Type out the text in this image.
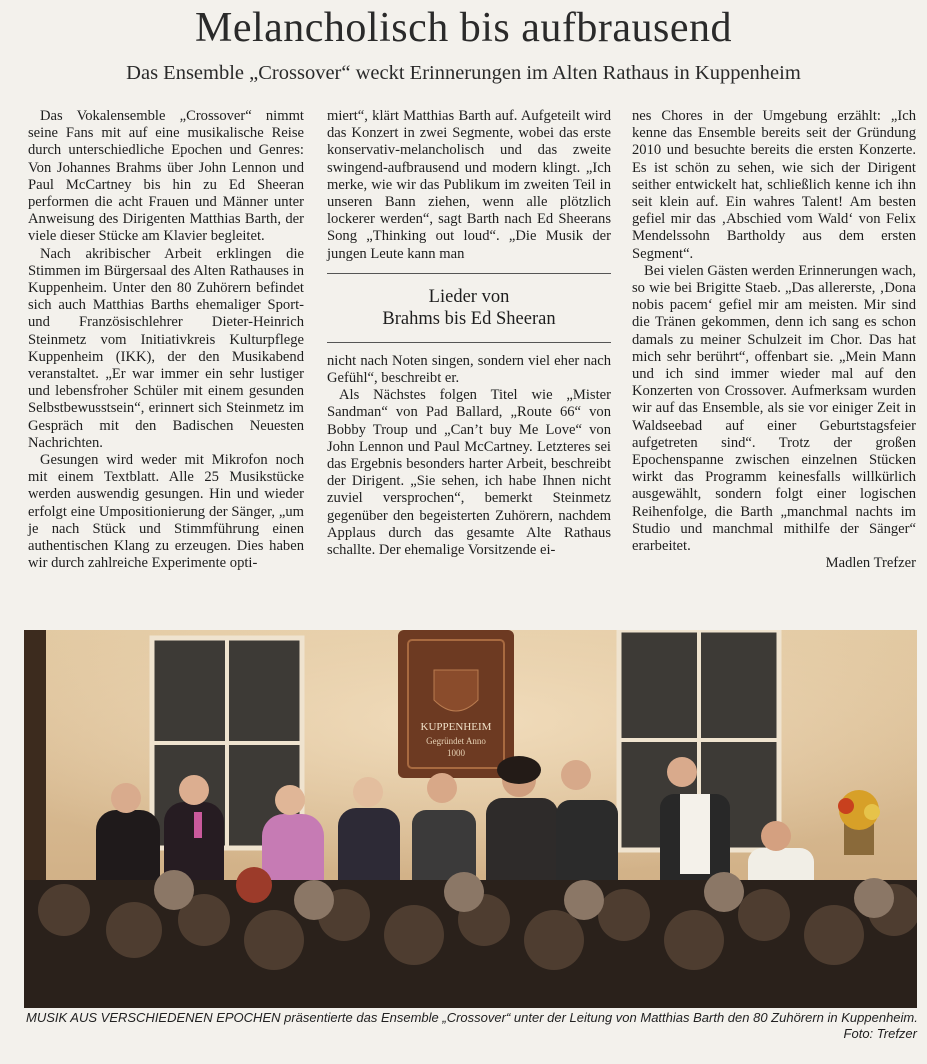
Melancholisch bis aufbrausend
Das Ensemble „Crossover“ weckt Erinnerungen im Alten Rathaus in Kuppenheim

Das Vokalensemble „Crossover“ nimmt seine Fans mit auf eine musikalische Reise durch unterschiedliche Epochen und Genres: Von Johannes Brahms über John Lennon und Paul McCartney bis hin zu Ed Sheeran performen die acht Frauen und Männer unter Anweisung des Dirigenten Matthias Barth, der viele dieser Stücke am Klavier begleitet.

Nach akribischer Arbeit erklingen die Stimmen im Bürgersaal des Alten Rathauses in Kuppenheim. Unter den 80 Zuhörern befindet sich auch Matthias Barths ehemaliger Sport- und Französischlehrer Dieter-Heinrich Steinmetz vom Initiativkreis Kulturpflege Kuppenheim (IKK), der den Musikabend veranstaltet. „Er war immer ein sehr lustiger und lebensfroher Schüler mit einem gesunden Selbstbewusstsein“, erinnert sich Steinmetz im Gespräch mit den Badischen Neuesten Nachrichten.

Gesungen wird weder mit Mikrofon noch mit einem Textblatt. Alle 25 Musikstücke werden auswendig gesungen. Hin und wieder erfolgt eine Umpositionierung der Sänger, „um je nach Stück und Stimmführung einen authentischen Klang zu erzeugen. Dies haben wir durch zahlreiche Experimente opti-

miert“, klärt Matthias Barth auf. Aufgeteilt wird das Konzert in zwei Segmente, wobei das erste konservativ-melancholisch und das zweite swingend-aufbrausend und modern klingt. „Ich merke, wie wir das Publikum im zweiten Teil in unseren Bann ziehen, wenn alle plötzlich lockerer werden“, sagt Barth nach Ed Sheerans Song „Thinking out loud“. „Die Musik der jungen Leute kann man

Lieder von
Brahms bis Ed Sheeran

nicht nach Noten singen, sondern viel eher nach Gefühl“, beschreibt er.

Als Nächstes folgen Titel wie „Mister Sandman“ von Pad Ballard, „Route 66“ von Bobby Troup und „Can’t buy Me Love“ von John Lennon und Paul McCartney. Letzteres sei das Ergebnis besonders harter Arbeit, beschreibt der Dirigent. „Sie sehen, ich habe Ihnen nicht zuviel versprochen“, bemerkt Steinmetz gegenüber den begeisterten Zuhörern, nachdem Applaus durch das gesamte Alte Rathaus schallte. Der ehemalige Vorsitzende ei-

nes Chores in der Umgebung erzählt: „Ich kenne das Ensemble bereits seit der Gründung 2010 und besuchte bereits die ersten Konzerte. Es ist schön zu sehen, wie sich der Dirigent seither entwickelt hat, schließlich kenne ich ihn seit klein auf. Ein wahres Talent! Am besten gefiel mir das ‚Abschied vom Wald‘ von Felix Mendelssohn Bartholdy aus dem ersten Segment“.

Bei vielen Gästen werden Erinnerungen wach, so wie bei Brigitte Staeb. „Das allererste, ‚Dona nobis pacem‘ gefiel mir am meisten. Mir sind die Tränen gekommen, denn ich sang es schon damals zu meiner Schulzeit im Chor. Das hat mich sehr berührt“, offenbart sie. „Mein Mann und ich sind immer wieder mal auf den Konzerten von Crossover. Aufmerksam wurden wir auf das Ensemble, als sie vor einiger Zeit in Waldseebad auf einer Geburtstagsfeier aufgetreten sind“. Trotz der großen Epochenspanne zwischen einzelnen Stücken wirkt das Programm keinesfalls willkürlich ausgewählt, sondern folgt einer logischen Reihenfolge, die Barth „manchmal nachts im Studio und manchmal mithilfe der Sänger“ erarbeitet.

Madlen Trefzer

KUPPENHEIM
Gegründet Anno
1000
MUSIK AUS VERSCHIEDENEN EPOCHEN präsentierte das Ensemble „Crossover“ unter der Leitung von Matthias Barth den 80 Zuhörern in Kuppenheim.
Foto: Trefzer
